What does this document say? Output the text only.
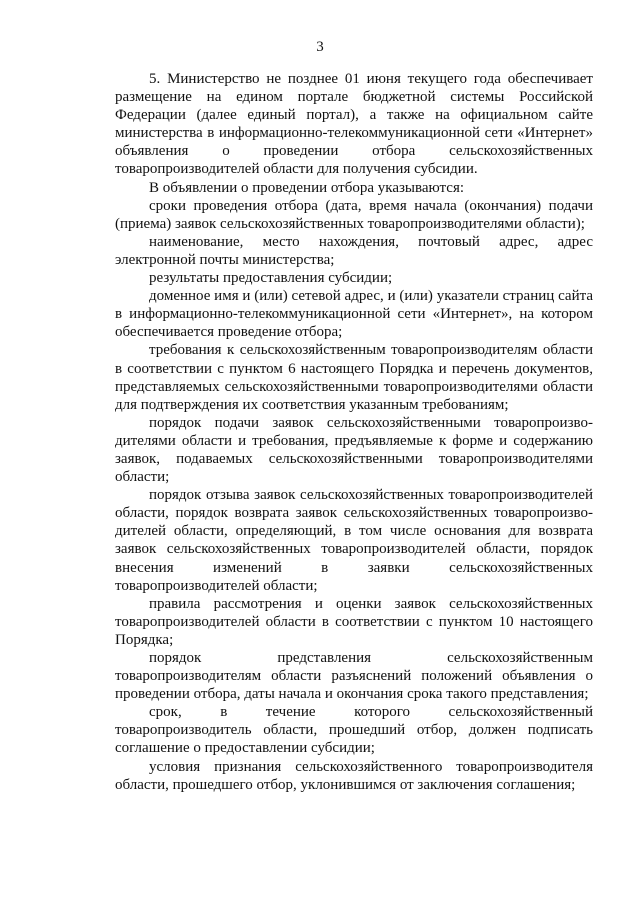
3

5. Министерство не позднее 01 июня текущего года обеспечивает размещение на едином портале бюджетной системы Российской Федерации (далее единый портал), а также на официальном сайте министерства в информационно-телекоммуникационной сети «Интернет» объявления о проведении отбора сельскохозяйственных товаропроизводителей области для получения субсидии.

В объявлении о проведении отбора указываются:

сроки проведения отбора (дата, время начала (окончания) подачи (приема) заявок сельскохозяйственных товаропроизводителями области);

наименование, место нахождения, почтовый адрес, адрес электронной почты министерства;

результаты предоставления субсидии;

доменное имя и (или) сетевой адрес, и (или) указатели страниц сайта в информационно-телекоммуникационной сети «Интернет», на котором обеспечивается проведение отбора;

требования к сельскохозяйственным товаропроизводителям области в соответствии с пунктом 6 настоящего Порядка и перечень документов, представляемых сельскохозяйственными товаропроизводителями области для подтверждения их соответствия указанным требованиям;

порядок подачи заявок сельскохозяйственными товаропроизводителями области и требования, предъявляемые к форме и содержанию заявок, подаваемых сельскохозяйственными товаропроизводителями области;

порядок отзыва заявок сельскохозяйственных товаропроизводителей области, порядок возврата заявок сельскохозяйственных товаропроизводителей области, определяющий, в том числе основания для возврата заявок сельскохозяйственных товаропроизводителей области, порядок внесения изменений в заявки сельскохозяйственных товаропроизводителей области;

правила рассмотрения и оценки заявок сельскохозяйственных товаропроизводителей области в соответствии с пунктом 10 настоящего Порядка;

порядок представления сельскохозяйственным товаропроизводителям области разъяснений положений объявления о проведении отбора, даты начала и окончания срока такого представления;

срок, в течение которого сельскохозяйственный товаропроизводитель области, прошедший отбор, должен подписать соглашение о предоставлении субсидии;

условия признания сельскохозяйственного товаропроизводителя области, прошедшего отбор, уклонившимся от заключения соглашения;
